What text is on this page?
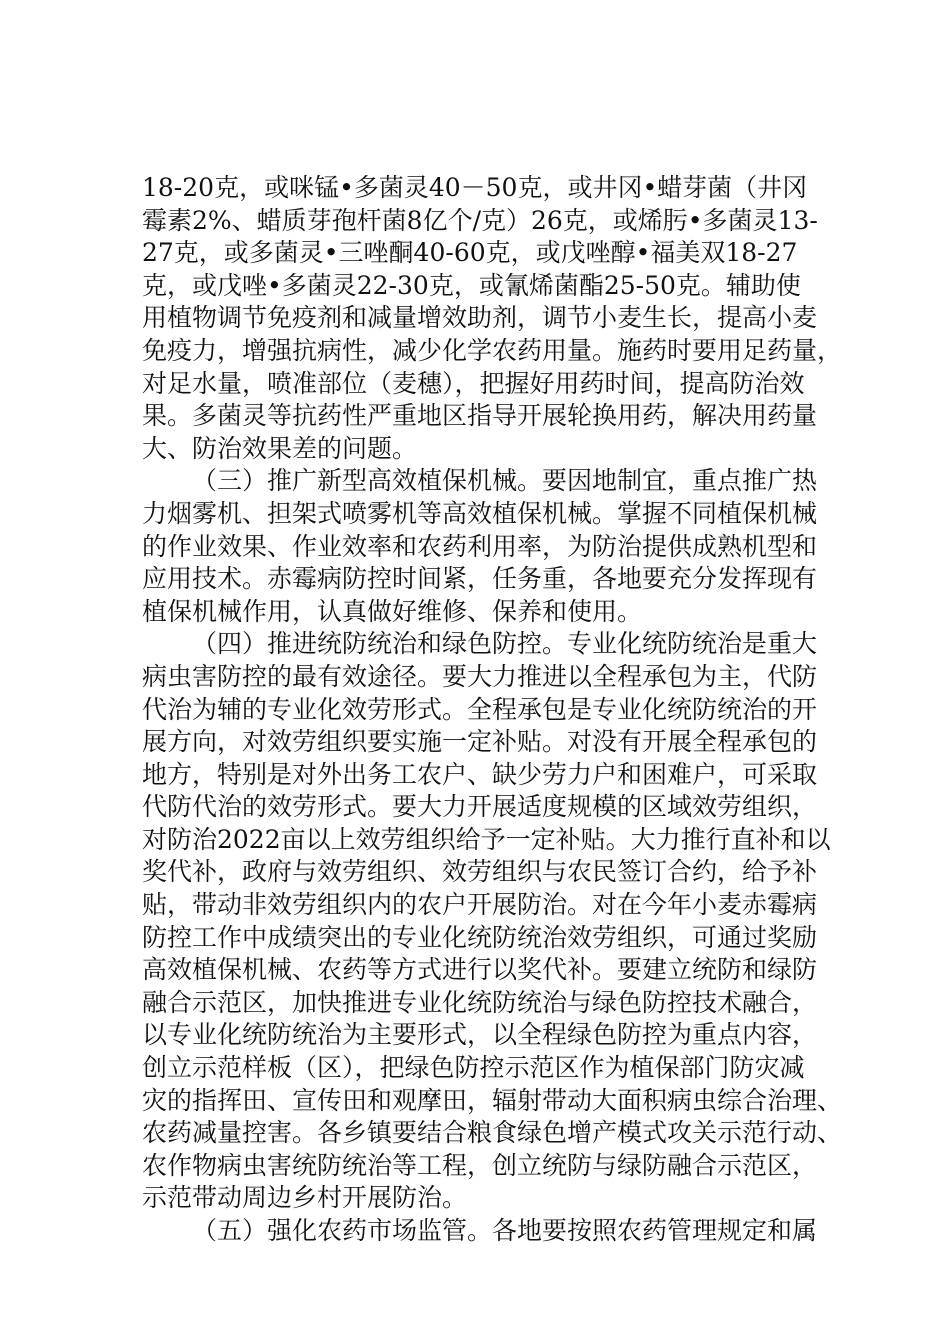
18-20克，或咪锰•多菌灵40－50克，或井冈•蜡芽菌（井冈
霉素2%、蜡质芽孢杆菌8亿个/克）26克，或烯肟•多菌灵13-
27克，或多菌灵•三唑酮40-60克，或戊唑醇•福美双18-27
克，或戊唑•多菌灵22-30克，或氰烯菌酯25-50克。辅助使
用植物调节免疫剂和减量增效助剂，调节小麦生长，提高小麦
免疫力，增强抗病性，减少化学农药用量。施药时要用足药量，
对足水量，喷准部位（麦穗），把握好用药时间，提高防治效
果。多菌灵等抗药性严重地区指导开展轮换用药，解决用药量
大、防治效果差的问题。
（三）推广新型高效植保机械。要因地制宜，重点推广热
力烟雾机、担架式喷雾机等高效植保机械。掌握不同植保机械
的作业效果、作业效率和农药利用率，为防治提供成熟机型和
应用技术。赤霉病防控时间紧，任务重，各地要充分发挥现有
植保机械作用，认真做好维修、保养和使用。
（四）推进统防统治和绿色防控。专业化统防统治是重大
病虫害防控的最有效途径。要大力推进以全程承包为主，代防
代治为辅的专业化效劳形式。全程承包是专业化统防统治的开
展方向，对效劳组织要实施一定补贴。对没有开展全程承包的
地方，特别是对外出务工农户、缺少劳力户和困难户，可采取
代防代治的效劳形式。要大力开展适度规模的区域效劳组织，
对防治2022亩以上效劳组织给予一定补贴。大力推行直补和以
奖代补，政府与效劳组织、效劳组织与农民签订合约，给予补
贴，带动非效劳组织内的农户开展防治。对在今年小麦赤霉病
防控工作中成绩突出的专业化统防统治效劳组织，可通过奖励
高效植保机械、农药等方式进行以奖代补。要建立统防和绿防
融合示范区，加快推进专业化统防统治与绿色防控技术融合，
以专业化统防统治为主要形式，以全程绿色防控为重点内容，
创立示范样板（区），把绿色防控示范区作为植保部门防灾减
灾的指挥田、宣传田和观摩田，辐射带动大面积病虫综合治理、
农药减量控害。各乡镇要结合粮食绿色增产模式攻关示范行动、
农作物病虫害统防统治等工程，创立统防与绿防融合示范区，
示范带动周边乡村开展防治。
（五）强化农药市场监管。各地要按照农药管理规定和属
